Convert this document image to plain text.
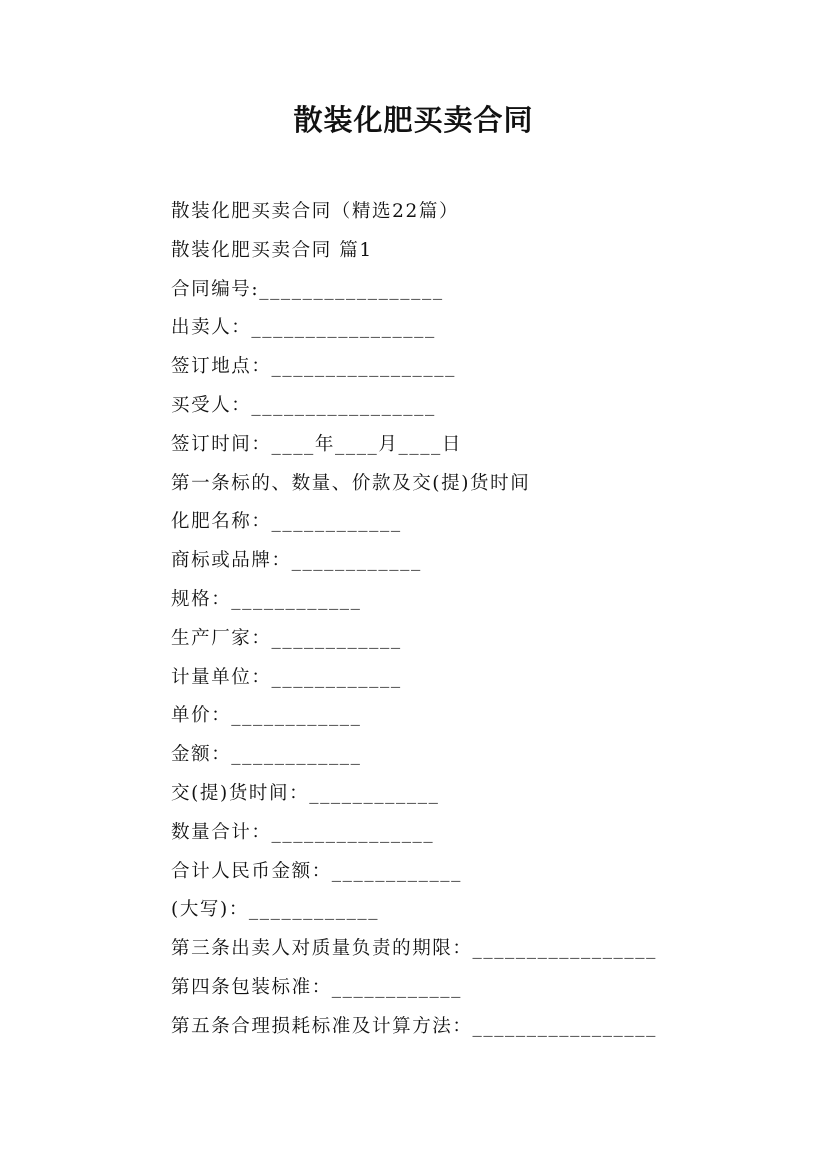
散装化肥买卖合同
散装化肥买卖合同（精选22篇）
散装化肥买卖合同 篇1
合同编号:_________________
出卖人：_________________
签订地点：_________________
买受人：_________________
签订时间：____年____月____日
第一条标的、数量、价款及交(提)货时间
化肥名称：____________
商标或品牌：____________
规格：____________
生产厂家：____________
计量单位：____________
单价：____________
金额：____________
交(提)货时间：____________
数量合计：_______________
合计人民币金额：____________
(大写)：____________
第三条出卖人对质量负责的期限：_________________
第四条包装标准：____________
第五条合理损耗标准及计算方法：_________________
